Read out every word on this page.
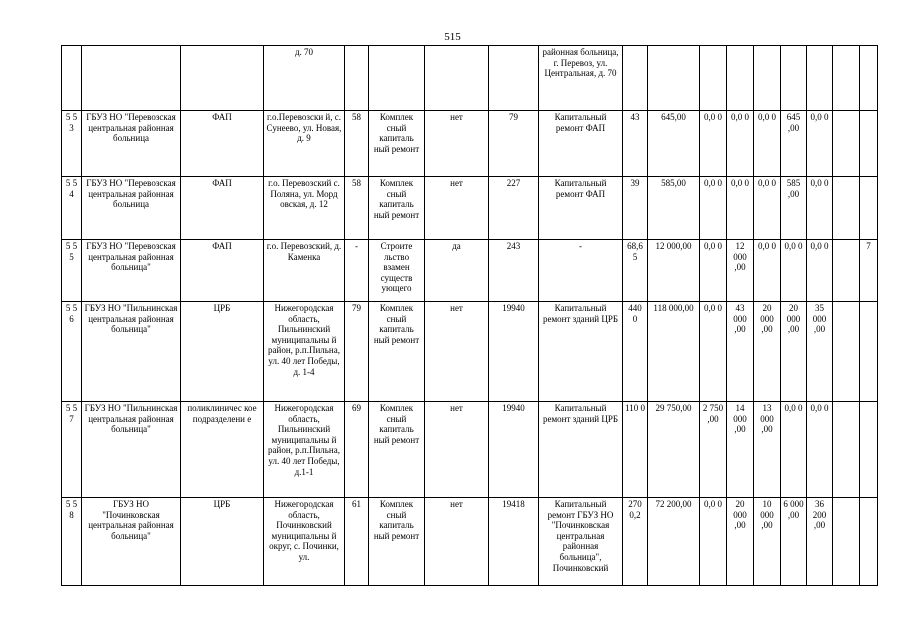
515
			д. 70					районная больница, г. Перевоз, ул. Центральная, д. 70									
5 5 3	ГБУЗ НО "Перевозская центральная районная больница	ФАП	г.о.Перевозски й, с. Сунеево, ул. Новая, д. 9	58	Комплек сный капиталь ный ремонт	нет	79	Капитальный ремонт ФАП	43	645,00	0,0 0	0,0 0	0,0 0	645 ,00	0,0 0		
5 5 4	ГБУЗ НО "Перевозская центральная районная больница	ФАП	г.о. Перевозский с. Поляна, ул. Морд овская, д. 12	58	Комплек сный капиталь ный ремонт	нет	227	Капитальный ремонт ФАП	39	585,00	0,0 0	0,0 0	0,0 0	585 ,00	0,0 0		
5 5 5	ГБУЗ НО "Перевозская центральная районная больница"	ФАП	г.о. Перевозский, д. Каменка	-	Строите льство взамен существ ующего	да	243	-	68,6 5	12 000,00	0,0 0	12 000 ,00	0,0 0	0,0 0	0,0 0		7
5 5 6	ГБУЗ НО "Пильнинская центральная районная больница"	ЦРБ	Нижегородская область, Пильнинский муниципальны й район, р.п.Пильна, ул. 40 лет Победы, д. 1-4	79	Комплек сный капиталь ный ремонт	нет	19940	Капитальный ремонт зданий ЦРБ	440 0	118 000,00	0,0 0	43 000 ,00	20 000 ,00	20 000 ,00	35 000 ,00		
5 5 7	ГБУЗ НО "Пильнинская центральная районная больница"	поликлиничес кое подразделени е	Нижегородская область, Пильнинский муниципальны й район, р.п.Пильна, ул. 40 лет Победы, д.1-1	69	Комплек сный капиталь ный ремонт	нет	19940	Капитальный ремонт зданий ЦРБ	110 0	29 750,00	2 750 ,00	14 000 ,00	13 000 ,00	0,0 0	0,0 0		
5 5 8	ГБУЗ НО "Починковская центральная районная больница"	ЦРБ	Нижегородская область, Починковский муниципальны й округ, с. Починки, ул.	61	Комплек сный капиталь ный ремонт	нет	19418	Капитальный ремонт ГБУЗ НО "Починковская центральная районная больница", Починковский	270 0,2	72 200,00	0,0 0	20 000 ,00	10 000 ,00	6 000 ,00	36 200 ,00		
